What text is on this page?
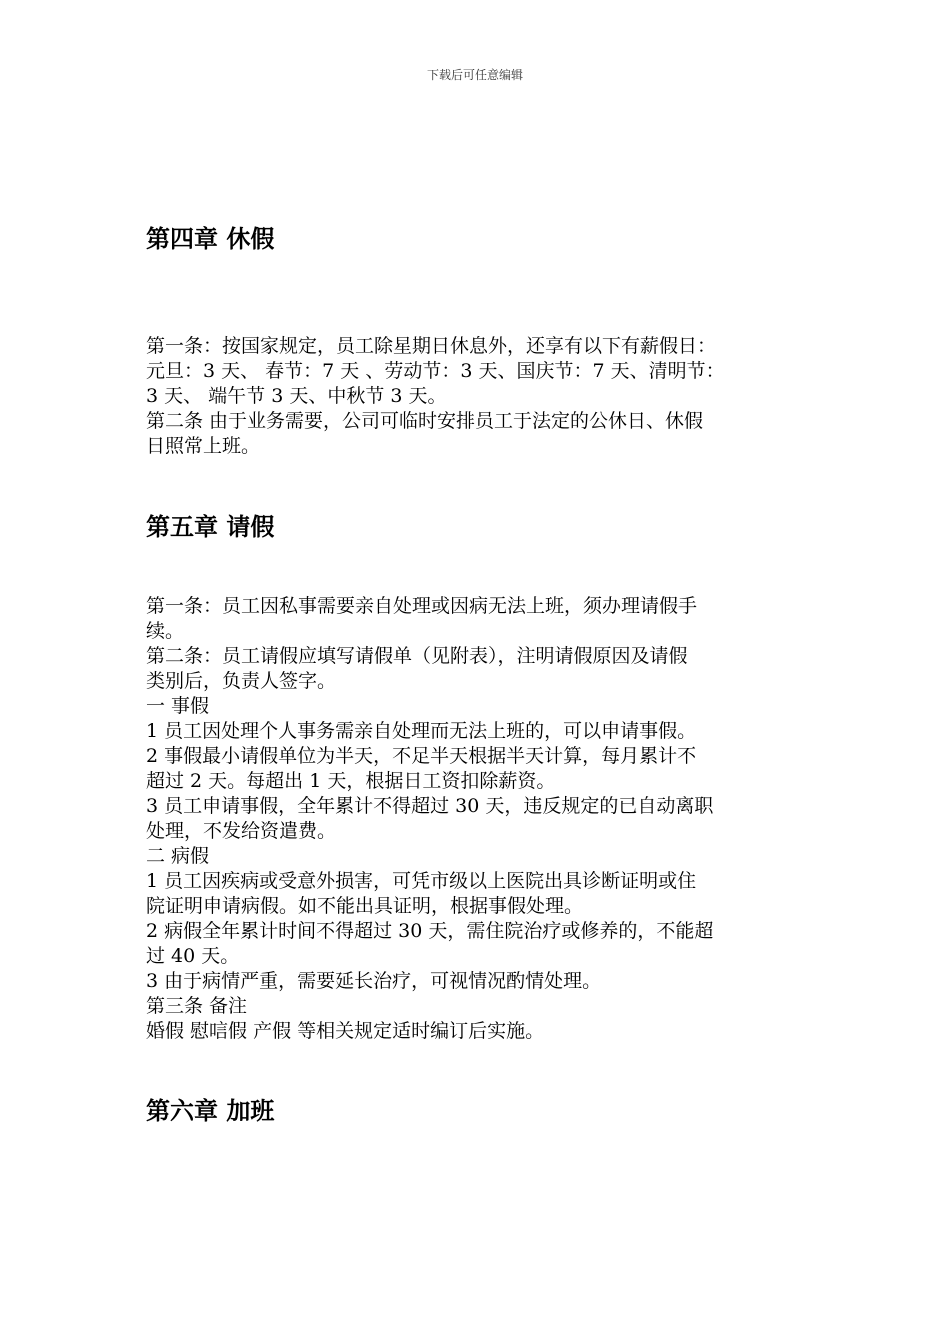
下载后可任意编辑
第四章 休假

第一条：按国家规定，员工除星期日休息外，还享有以下有薪假日：

元旦：3 天、 春节：7 天 、劳动节：3 天、国庆节：7 天、清明节：

3 天、 端午节 3 天、中秋节 3 天。

第二条 由于业务需要，公司可临时安排员工于法定的公休日、休假

日照常上班。

第五章 请假

第一条：员工因私事需要亲自处理或因病无法上班，须办理请假手

续。

第二条：员工请假应填写请假单（见附表），注明请假原因及请假

类别后，负责人签字。

一 事假

1 员工因处理个人事务需亲自处理而无法上班的，可以申请事假。

2 事假最小请假单位为半天，不足半天根据半天计算，每月累计不

超过 2 天。每超出 1 天，根据日工资扣除薪资。

3 员工申请事假，全年累计不得超过 30 天，违反规定的已自动离职

处理，不发给资遣费。

二 病假

1 员工因疾病或受意外损害，可凭市级以上医院出具诊断证明或住

院证明申请病假。如不能出具证明，根据事假处理。

2 病假全年累计时间不得超过 30 天，需住院治疗或修养的，不能超

过 40 天。

3 由于病情严重，需要延长治疗，可视情况酌情处理。

第三条 备注

婚假 慰唁假 产假 等相关规定适时编订后实施。

第六章 加班
